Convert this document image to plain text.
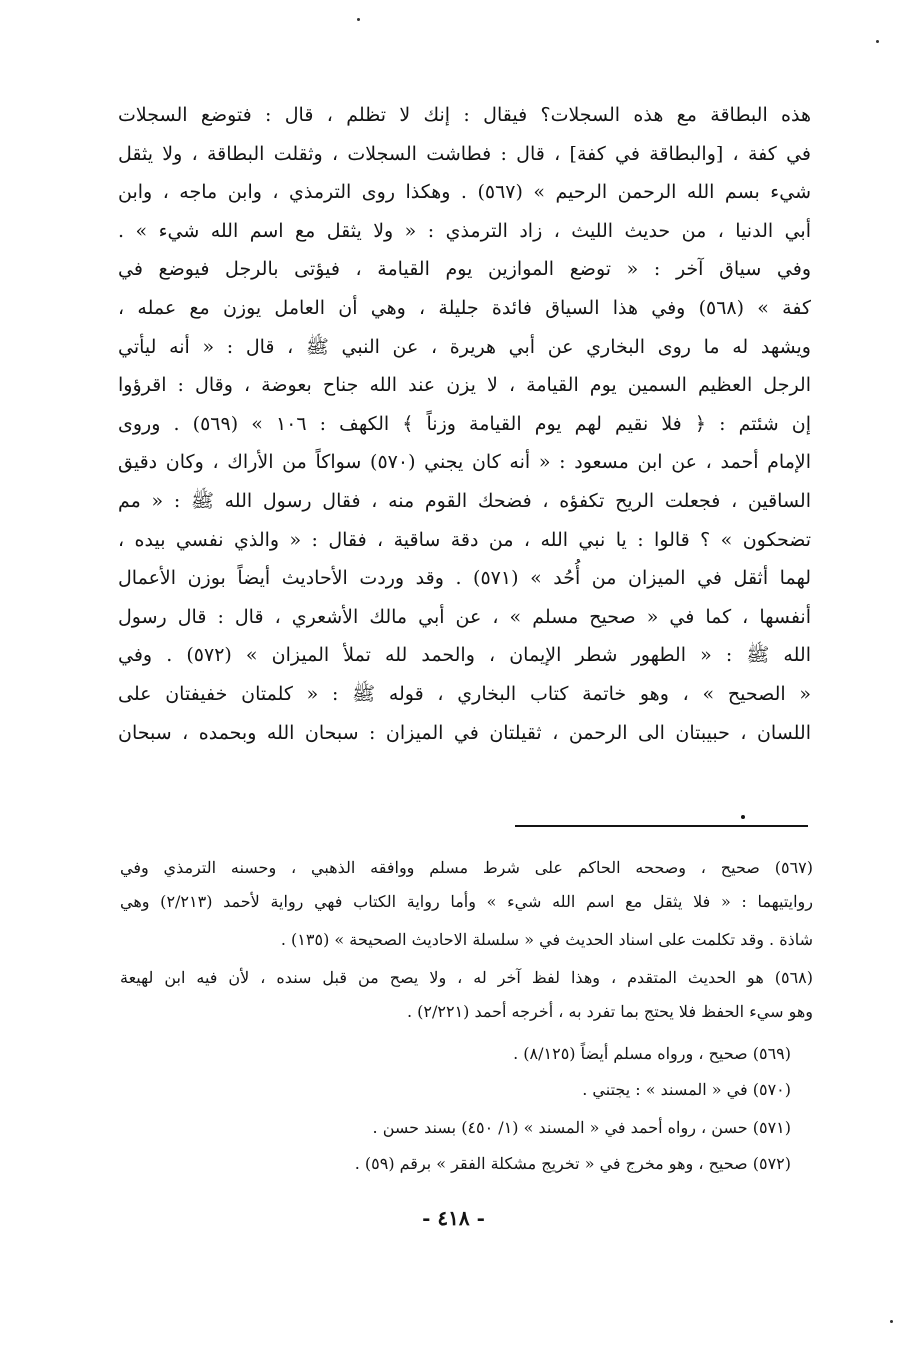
هذه البطاقة مع هذه السجلات؟ فيقال : إنك لا تظلم ، قال : فتوضع السجلات
في كفة ، [والبطاقة في كفة] ، قال : فطاشت السجلات ، وثقلت البطاقة ، ولا يثقل
شيء بسم الله الرحمن الرحيم » (٥٦٧) . وهكذا روى الترمذي ، وابن ماجه ، وابن
أبي الدنيا ، من حديث الليث ، زاد الترمذي : « ولا يثقل مع اسم الله شيء » .
وفي سياق آخر : « توضع الموازين يوم القيامة ، فيؤتى بالرجل فيوضع في
كفة » (٥٦٨) وفي هذا السياق فائدة جليلة ، وهي أن العامل يوزن مع عمله ،
ويشهد له ما روى البخاري عن أبي هريرة ، عن النبي ﷺ ، قال : « أنه ليأتي
الرجل العظيم السمين يوم القيامة ، لا يزن عند الله جناح بعوضة ، وقال : اقرؤوا
إن شئتم : ﴿ فلا نقيم لهم يوم القيامة وزناً ﴾ الكهف : ١٠٦ » (٥٦٩) . وروى
الإمام أحمد ، عن ابن مسعود : « أنه كان يجني (٥٧٠) سواكاً من الأراك ، وكان دقيق
الساقين ، فجعلت الريح تكفؤه ، فضحك القوم منه ، فقال رسول الله ﷺ : « مم
تضحكون » ؟ قالوا : يا نبي الله ، من دقة ساقية ، فقال : « والذي نفسي بيده ،
لهما أثقل في الميزان من أُحُد » (٥٧١) . وقد وردت الأحاديث أيضاً بوزن الأعمال
أنفسها ، كما في « صحيح مسلم » ، عن أبي مالك الأشعري ، قال : قال رسول
الله ﷺ : « الطهور شطر الإيمان ، والحمد لله تملأ الميزان » (٥٧٢) . وفي
« الصحيح » ، وهو خاتمة كتاب البخاري ، قوله ﷺ : « كلمتان خفيفتان على
اللسان ، حبيبتان الى الرحمن ، ثقيلتان في الميزان : سبحان الله وبحمده ، سبحان
(٥٦٧) صحيح ، وصححه الحاكم على شرط مسلم ووافقه الذهبي ، وحسنه الترمذي وفي
روايتيهما : « فلا يثقل مع اسم الله شيء » وأما رواية الكتاب فهي رواية لأحمد (٢/٢١٣) وهي
شاذة . وقد تكلمت على اسناد الحديث في « سلسلة الاحاديث الصحيحة » (١٣٥) .
(٥٦٨) هو الحديث المتقدم ، وهذا لفظ آخر له ، ولا يصح من قبل سنده ، لأن فيه ابن لهيعة
وهو سيء الحفظ فلا يحتج بما تفرد به ، أخرجه أحمد (٢/٢٢١) .
(٥٦٩) صحيح ، ورواه مسلم أيضاً (٨/١٢٥) .
(٥٧٠) في « المسند » : يجتني .
(٥٧١) حسن ، رواه أحمد في « المسند » (١/ ٤٥٠) بسند حسن .
(٥٧٢) صحيح ، وهو مخرج في « تخريج مشكلة الفقر » برقم (٥٩) .
- ٤١٨ -
